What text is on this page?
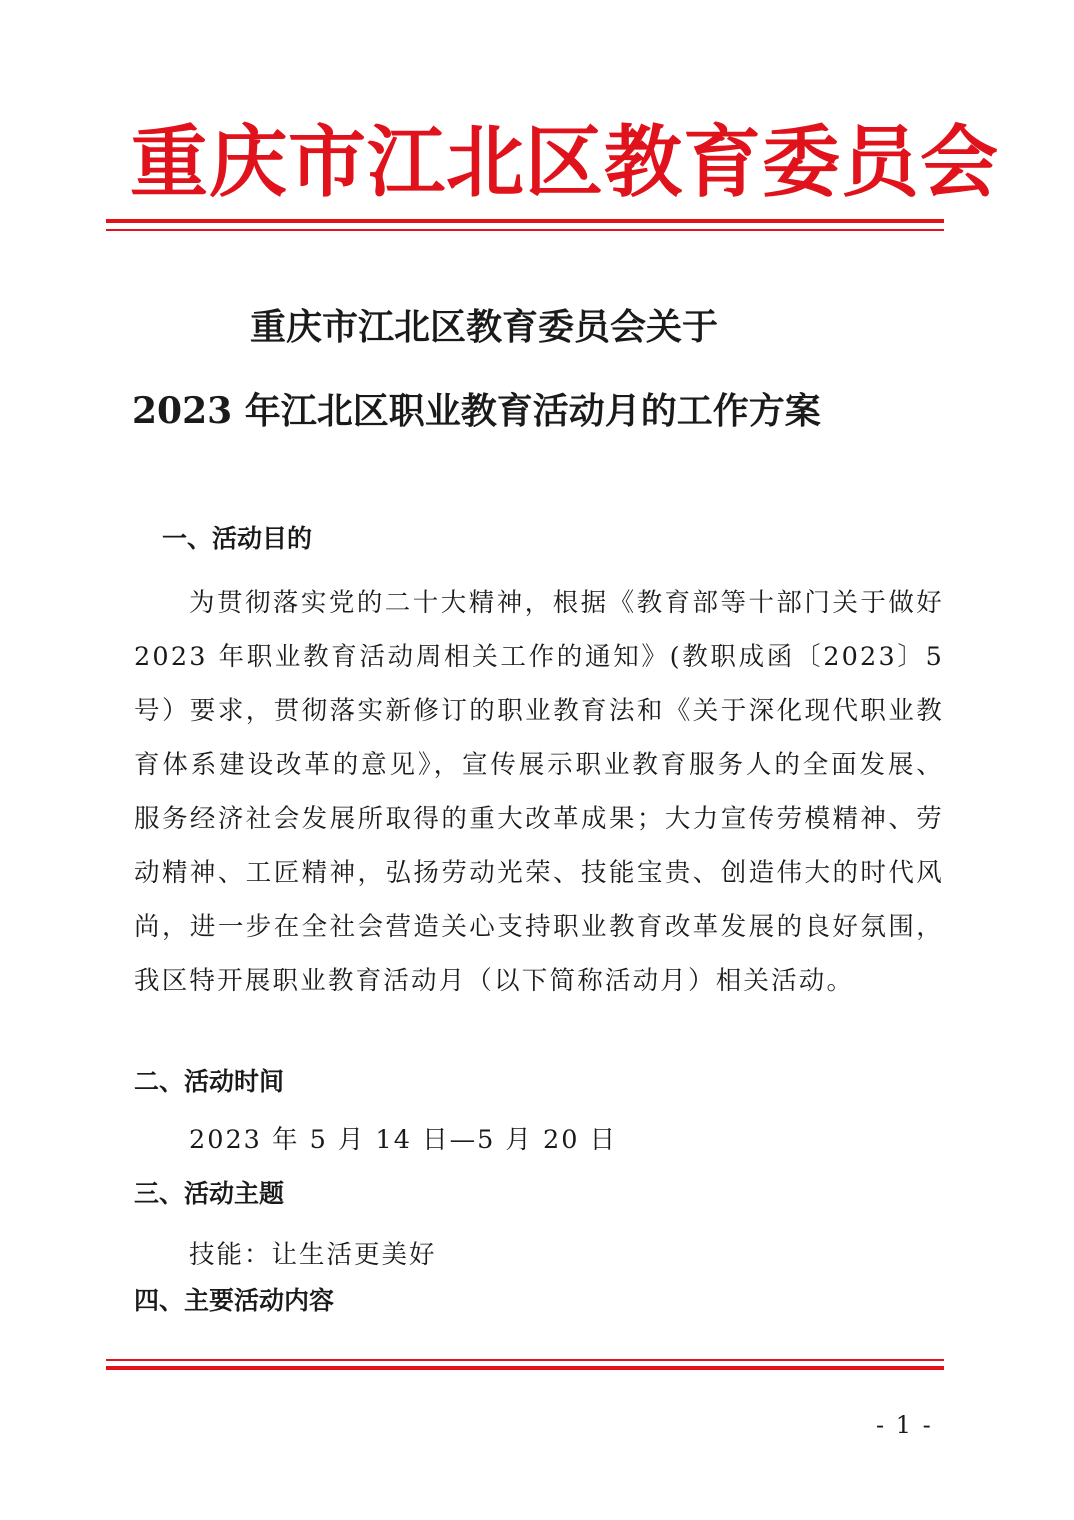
重庆市江北区教育委员会
重庆市江北区教育委员会关于
2023 年江北区职业教育活动月的工作方案
一、活动目的
为贯彻落实党的二十大精神，根据《教育部等十部门关于做好 2023 年职业教育活动周相关工作的通知》(教职成函〔2023〕5 号）要求，贯彻落实新修订的职业教育法和《关于深化现代职业教育体系建设改革的意见》，宣传展示职业教育服务人的全面发展、服务经济社会发展所取得的重大改革成果；大力宣传劳模精神、劳动精神、工匠精神，弘扬劳动光荣、技能宝贵、创造伟大的时代风尚，进一步在全社会营造关心支持职业教育改革发展的良好氛围，我区特开展职业教育活动月（以下简称活动月）相关活动。
二、活动时间
2023 年 5 月 14 日—5 月 20 日
三、活动主题
技能：让生活更美好
四、主要活动内容
- 1 -
